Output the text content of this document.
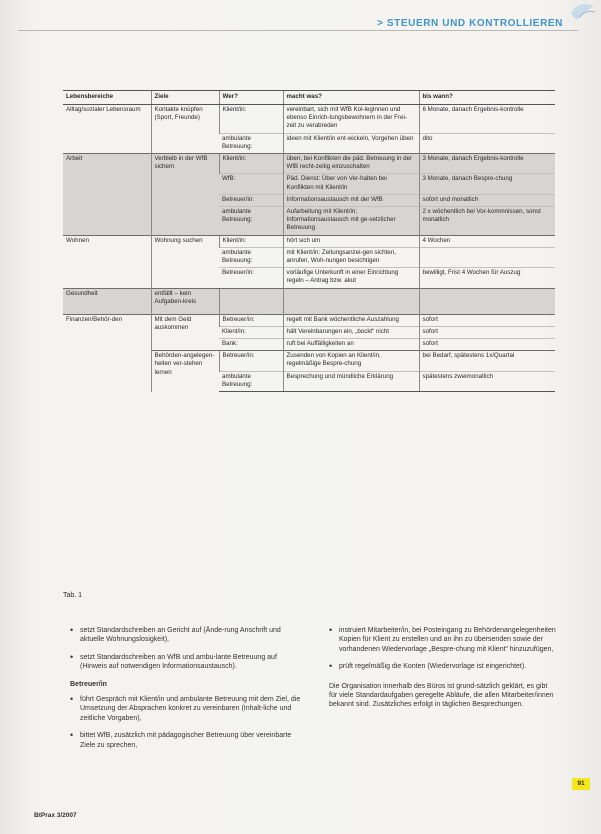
> STEUERN UND KONTROLLIEREN
Lebensbereiche	Ziele	Wer?	macht was?	bis wann?
Alltag/sozialer Lebensraum	Kontakte knüpfen (Sport, Freunde)	Klient/in:	vereinbart, sich mit WfB Kol-legInnen und ebenso Einrich-tungsbewohnern in der Frei-zeit zu verabreden	6 Monate, danach Ergebnis-kontrolle
		ambulante Betreuung:	ideen mit Klient/in ent-wickeln, Vorgehen üben	dito
Arbeit	Verbleib in der WfB sichern	Klient/in:	üben, bei Konflikten die päd. Betreuung in der WfB recht-zeitig einzuschalten	3 Monate, danach Ergebnis-kontrolle
		WfB:	Päd. Dienst: Über von Ver-halten bei Konflikten mit Klient/in	3 Monate, danach Bespre-chung
		Betreuer/in:	Informationsaustausch mit der WfB	sofort und monatlich
		ambulante Betreuung:	Aufarbeitung mit Klient/in; Informationsaustausch mit ge-setzlicher Betreuung	2 x wöchentlich bei Vor-kommnissen, sonst monatlich
Wohnen	Wohnung suchen	Klient/in:	hört sich um	4 Wochen
		ambulante Betreuung:	mit Klient/in: Zeitungsanzei-gen sichten, anrufen, Woh-nungen besichtigen	
		Betreuer/in:	vorläufige Unterkunft in einer Einrichtung regeln – Antrag bzw. akut	bewilligt, Frist 4 Wochen für Auszug
Gesundheit	entfällt – kein Aufgaben-kreis			
Finanzen/Behör-den	Mit dem Geld auskommen	Betreuer/in:	regelt mit Bank wöchentliche Auszahlung	sofort
		Klient/in:	hält Vereinbarungen ein, „bockt“ nicht	sofort
		Bank:	ruft bei Auffälligkeiten an	sofort
	Behörden-angelegen-heiten ver-stehen lernen	Betreuer/in:	Zusenden von Kopien an Klient/in, regelmäßige Bespre-chung	bei Bedarf, spätestens 1x/Quartal
		ambulante Betreuung:	Besprechung und mündliche Erklärung	spätestens zweimonatlich
Tab. 1
• setzt Standardschreiben an Gericht auf (Ände-rung Anschrift und aktuelle Wohnungslosigkeit),
• setzt Standardschreiben an WfB und ambu-lante Betreuung auf (Hinweis auf notwendigen Informationsaustausch).
Betreuer/in
• führt Gespräch mit Klient/in und ambulante Betreuung mit dem Ziel, die Umsetzung der Absprachen konkret zu vereinbaren (Inhalt-liche und zeitliche Vorgaben),
• bittet WfB, zusätzlich mit pädagogischer Betreuung über vereinbarte Ziele zu sprechen,
• instruiert Mitarbeiter/in, bei Posteingang zu Behördenangelegenheiten Kopien für Klient zu erstellen und an ihn zu übersenden sowie der vorhandenen Wiedervorlage „Bespre-chung mit Klient“ hinzuzufügen,
• prüft regelmäßig die Konten (Wiedervorlage ist eingerichtet).
Die Organisation innerhalb des Büros ist grund-sätzlich geklärt, es gibt für viele Standardaufgaben geregelte Abläufe, die allen Mitarbeiter/innen bekannt sind. Zusätzliches erfolgt in täglichen Besprechungen.
BtPrax 3/2007
91
